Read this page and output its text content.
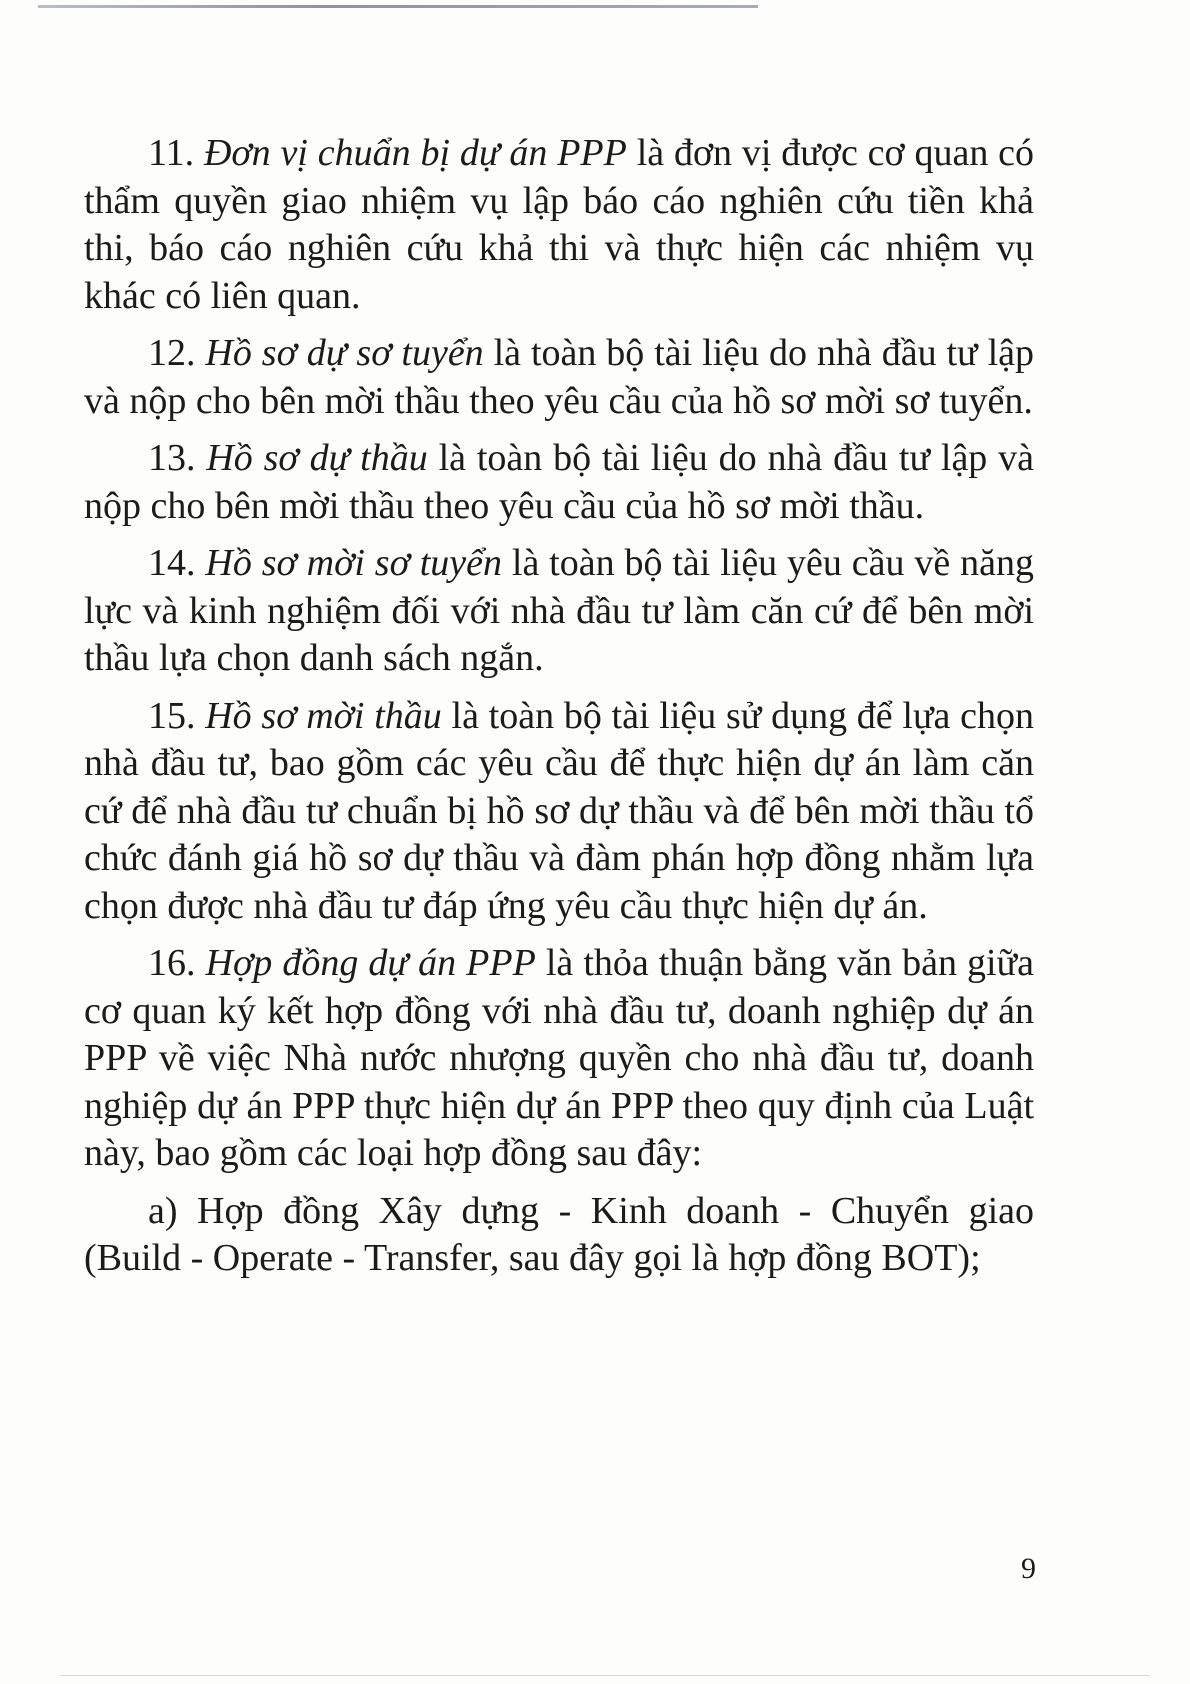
11. Đơn vị chuẩn bị dự án PPP là đơn vị được cơ quan có thẩm quyền giao nhiệm vụ lập báo cáo nghiên cứu tiền khả thi, báo cáo nghiên cứu khả thi và thực hiện các nhiệm vụ khác có liên quan.

12. Hồ sơ dự sơ tuyển là toàn bộ tài liệu do nhà đầu tư lập và nộp cho bên mời thầu theo yêu cầu của hồ sơ mời sơ tuyển.

13. Hồ sơ dự thầu là toàn bộ tài liệu do nhà đầu tư lập và nộp cho bên mời thầu theo yêu cầu của hồ sơ mời thầu.

14. Hồ sơ mời sơ tuyển là toàn bộ tài liệu yêu cầu về năng lực và kinh nghiệm đối với nhà đầu tư làm căn cứ để bên mời thầu lựa chọn danh sách ngắn.

15. Hồ sơ mời thầu là toàn bộ tài liệu sử dụng để lựa chọn nhà đầu tư, bao gồm các yêu cầu để thực hiện dự án làm căn cứ để nhà đầu tư chuẩn bị hồ sơ dự thầu và để bên mời thầu tổ chức đánh giá hồ sơ dự thầu và đàm phán hợp đồng nhằm lựa chọn được nhà đầu tư đáp ứng yêu cầu thực hiện dự án.

16. Hợp đồng dự án PPP là thỏa thuận bằng văn bản giữa cơ quan ký kết hợp đồng với nhà đầu tư, doanh nghiệp dự án PPP về việc Nhà nước nhượng quyền cho nhà đầu tư, doanh nghiệp dự án PPP thực hiện dự án PPP theo quy định của Luật này, bao gồm các loại hợp đồng sau đây:

a) Hợp đồng Xây dựng - Kinh doanh - Chuyển giao (Build - Operate - Transfer, sau đây gọi là hợp đồng BOT);

9
